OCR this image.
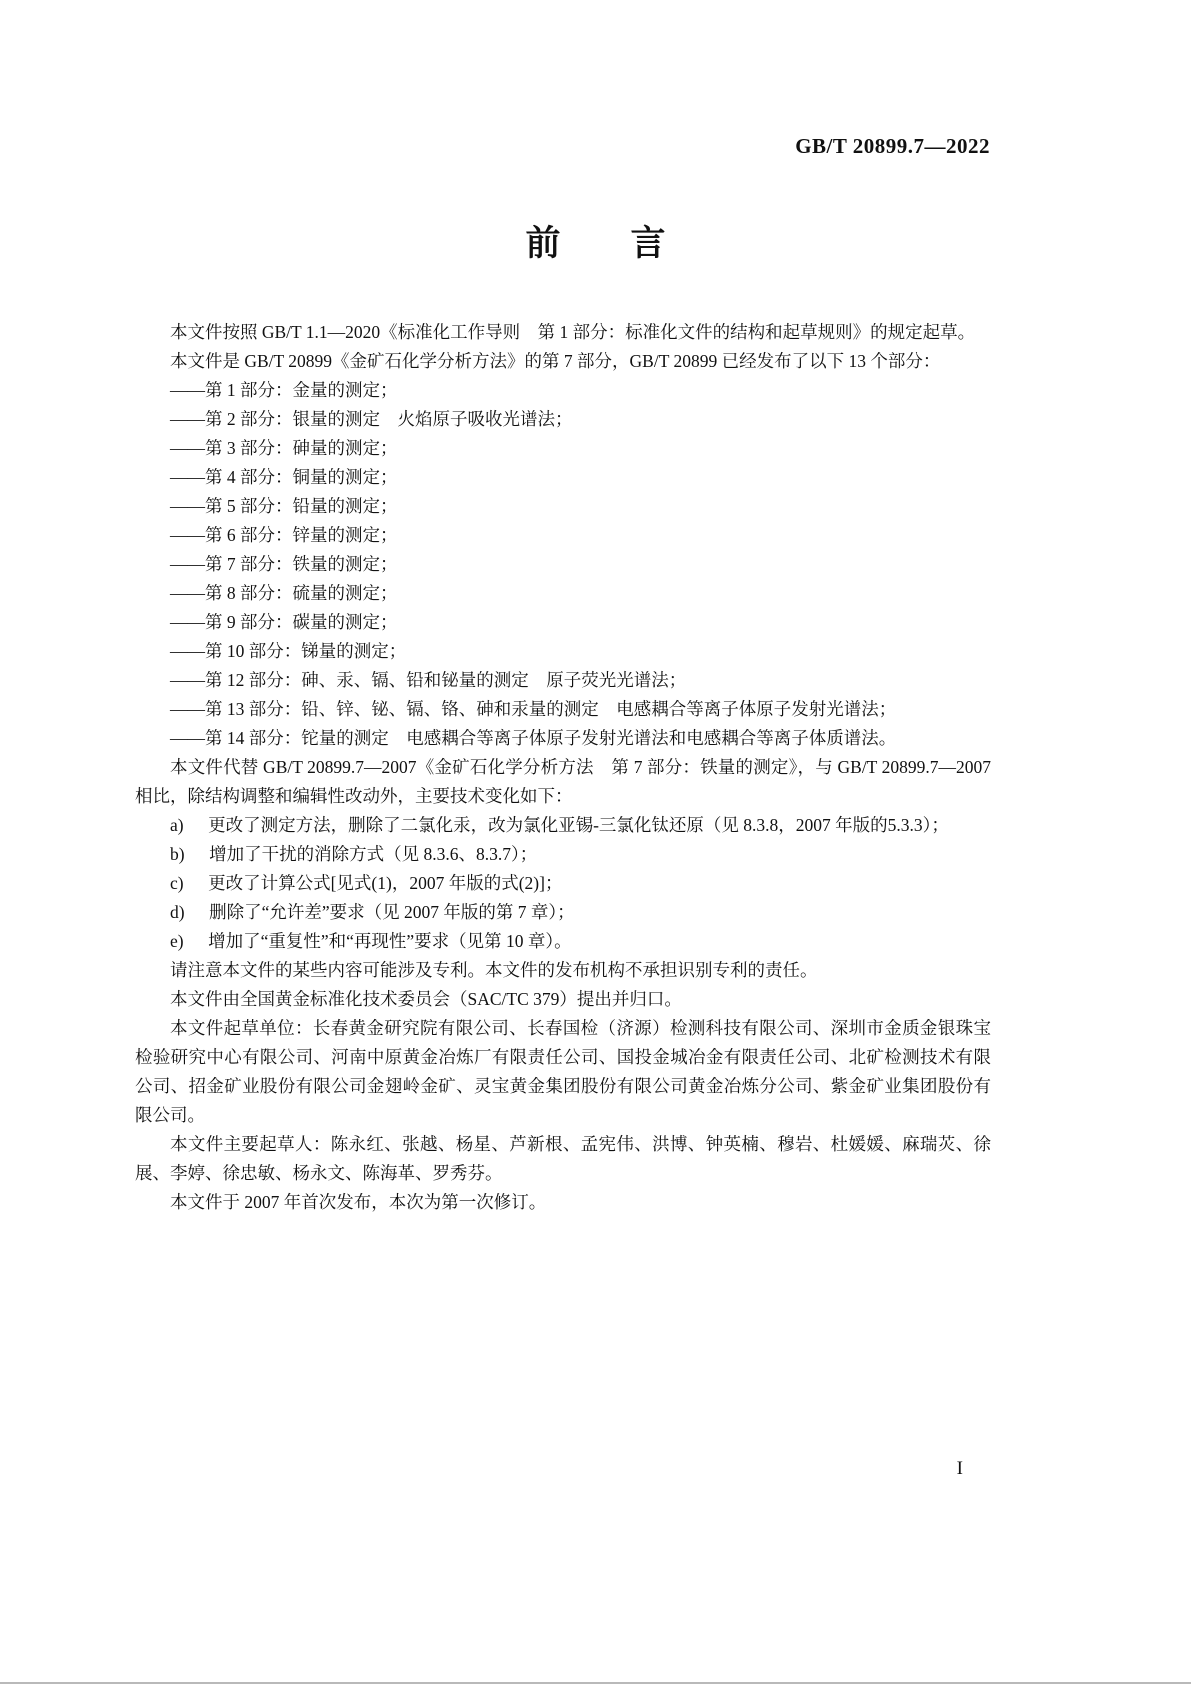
GB/T 20899.7—2022
前　　言

本文件按照 GB/T 1.1—2020《标准化工作导则　第 1 部分：标准化文件的结构和起草规则》的规定起草。

本文件是 GB/T 20899《金矿石化学分析方法》的第 7 部分，GB/T 20899 已经发布了以下 13 个部分：

——第 1 部分：金量的测定；

——第 2 部分：银量的测定　火焰原子吸收光谱法；

——第 3 部分：砷量的测定；

——第 4 部分：铜量的测定；

——第 5 部分：铅量的测定；

——第 6 部分：锌量的测定；

——第 7 部分：铁量的测定；

——第 8 部分：硫量的测定；

——第 9 部分：碳量的测定；

——第 10 部分：锑量的测定；

——第 12 部分：砷、汞、镉、铅和铋量的测定　原子荧光光谱法；

——第 13 部分：铅、锌、铋、镉、铬、砷和汞量的测定　电感耦合等离子体原子发射光谱法；

——第 14 部分：铊量的测定　电感耦合等离子体原子发射光谱法和电感耦合等离子体质谱法。

本文件代替 GB/T 20899.7—2007《金矿石化学分析方法　第 7 部分：铁量的测定》，与 GB/T 20899.7—2007 相比，除结构调整和编辑性改动外，主要技术变化如下：

a) 更改了测定方法，删除了二氯化汞，改为氯化亚锡-三氯化钛还原（见 8.3.8，2007 年版的5.3.3）；

b) 增加了干扰的消除方式（见 8.3.6、8.3.7）；

c) 更改了计算公式[见式(1)，2007 年版的式(2)]；

d) 删除了“允许差”要求（见 2007 年版的第 7 章）；

e) 增加了“重复性”和“再现性”要求（见第 10 章）。

请注意本文件的某些内容可能涉及专利。本文件的发布机构不承担识别专利的责任。

本文件由全国黄金标准化技术委员会（SAC/TC 379）提出并归口。

本文件起草单位：长春黄金研究院有限公司、长春国检（济源）检测科技有限公司、深圳市金质金银珠宝检验研究中心有限公司、河南中原黄金冶炼厂有限责任公司、国投金城冶金有限责任公司、北矿检测技术有限公司、招金矿业股份有限公司金翅岭金矿、灵宝黄金集团股份有限公司黄金冶炼分公司、紫金矿业集团股份有限公司。

本文件主要起草人：陈永红、张越、杨星、芦新根、孟宪伟、洪博、钟英楠、穆岩、杜媛媛、麻瑞苂、徐展、李婷、徐忠敏、杨永文、陈海革、罗秀芬。

本文件于 2007 年首次发布，本次为第一次修订。

I
